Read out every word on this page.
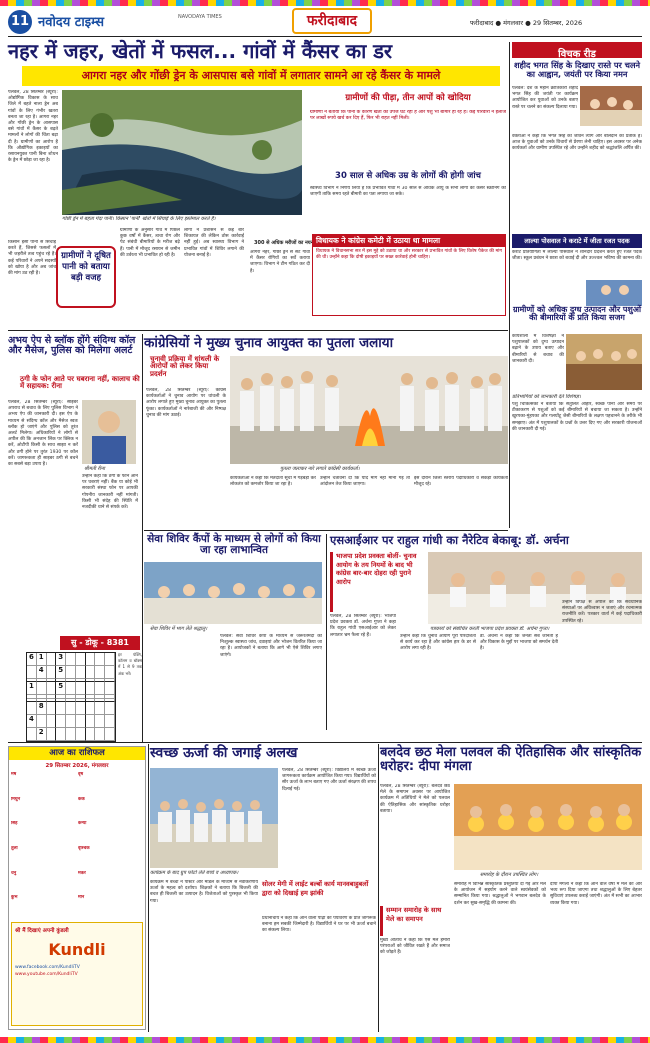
11 नवोदय टाइम्स	NAVODAYA TIMES	फरीदाबाद	फरीदाबाद ● मंगलवार ● 29 सितम्बर, 2026
नहर में जहर, खेतों में फसल... गांवों में कैंसर का डर
आगरा नहर और गोंछी ड्रेन के आसपास बसे गांवों में लगातार सामने आ रहे कैंसर के मामले
पलवल, 28 सितम्बर (ब्यूरो): ओद्योगिक विकास के साथ जिले में बहते नाला ड्रेन अब गांवों के लिए गंभीर खतरा बनता जा रहा है। आगरा नहर और गोंछी ड्रेन के आसपास बसे गांवों में कैंसर के बढ़ते मामलों ने लोगों की चिंता बढ़ा दी है। ग्रामीणों का आरोप है कि औद्योगिक इकाइयों का रसायनयुक्त पानी बिना शोधन के ड्रेन में छोड़ा जा रहा है।
किसान इसी पानी से सिंचाई करते हैं, जिससे फसलों में भी जहरीले तत्व पहुंच रहे हैं। कई परिवारों ने अपने सदस्यों को खोया है और अब जांच की मांग उठ रही है।
गोंछी ड्रेन में बहता गंदा पानी। किसान 'पानी' खेतों में सिंचाई के लिए इस्तेमाल करते हैं।
ग्रामीणों ने दूषित पानी को बताया बड़ी वजह
ग्रामीणों के अनुसार गांव में पिछले कुछ वर्षों में कैंसर, त्वचा रोग और पेट संबंधी बीमारियों के मरीज बढ़े हैं। पानी में मौजूद रसायन से जमीन की उर्वरता भी प्रभावित हो रही है।
लोगों ने प्रशासन से कई बार शिकायत की लेकिन ठोस कार्रवाई नहीं हुई। अब स्वास्थ्य विभाग ने प्रभावित गांवों में शिविर लगाने की योजना बनाई है।
300 से अधिक मरीजों का नयन
आगरा नहर, गोंछी ड्रेन से सटे गांवों में कैंसर रोगियों का सर्वे कराया जाएगा। विभाग ने टीम गठित कर दी है।
ग्रामीणों की पीड़ा, तीन आपों को खोदिया
ग्रामीणों ने बताया कि पानी के कारण खेतों की उपज घट रही है और पशु भी बीमार हो रहे हैं। कई परिवारों ने इलाज पर लाखों रुपये खर्च कर दिए हैं, फिर भी राहत नहीं मिली।
30 साल से अधिक उम्र के लोगों की होगी जांच
स्वास्थ्य विभाग ने निर्णय लिया है कि प्रभावित गांवों में 30 साल से अधिक आयु के सभी लोगों की कैंसर स्क्रीनिंग की जाएगी ताकि समय रहते बीमारी का पता लगाया जा सके।
विधायक ने कांग्रेस कमेटी में उठाया था मामला
विधायक ने विधानसभा सत्र में इस मुद्दे को उठाया था और सरकार से प्रभावित गांवों के लिए विशेष पैकेज की मांग की थी। उन्होंने कहा कि दोषी इकाइयों पर सख्त कार्रवाई होनी चाहिए।
विचक रीड
शहीद भगत सिंह के दिखाए रास्ते पर चलने का आह्वान, जयंती पर किया नमन
पलवल: देश के महान क्रांतिकारी शहीद भगत सिंह की जयंती पर कार्यक्रम आयोजित कर युवाओं को उनके बताए रास्ते पर चलने का संकल्प दिलाया गया।
वक्ताओं ने कहा कि भगत सिंह का जीवन त्याग और बलिदान का प्रतीक है। आज के युवाओं को उनके विचारों से प्रेरणा लेनी चाहिए। इस अवसर पर अनेक कार्यकर्ता और ग्रामीण उपस्थित रहे और उन्होंने शहीद को श्रद्धांजलि अर्पित की।
लाल्या पोसवाल ने कराटे में जीता रजत पदक
कराटे प्रतियोगिता में लाल्या पोसवाल ने शानदार प्रदर्शन करते हुए रजत पदक जीता। स्कूल प्रबंधन ने छात्रा को बधाई दी और उज्ज्वल भविष्य की कामना की।
ग्रामीणों को अधिक दुग्ध उत्पादन और पशुओं की बीमारियों के प्रति किया सजग
कार्यशाला में विशेषज्ञों ने पशुपालकों को दुग्ध उत्पादन बढ़ाने के उपाय बताए और बीमारियों से बचाव की जानकारी दी।
प्रतिभागियों को जानकारी देते विशेषज्ञ।
पशु चिकित्सकों ने बताया कि संतुलित आहार, स्वच्छ पानी और समय पर टीकाकरण से पशुओं को कई बीमारियों से बचाया जा सकता है। उन्होंने खुरपका-मुंहपका और गलघोंटू जैसी बीमारियों के लक्षण पहचानने के तरीके भी समझाए। अंत में पशुपालकों के प्रश्नों के उत्तर दिए गए और सरकारी योजनाओं की जानकारी दी गई।
अभय ऐप से ब्लॉक होंगे संदिग्ध कॉल और मैसेज, पुलिस को मिलेगा अलर्ट
ठगी के फोन आते पर घबराना नहीं, कालाच की में सहायक: रीना
पलवल, 28 सितम्बर (ब्यूरो): साइबर अपराध से बचाव के लिए पुलिस विभाग ने अभय ऐप की जानकारी दी। इस ऐप के माध्यम से संदिग्ध कॉल और मैसेज स्वतः ब्लॉक हो जाएंगे और पुलिस को तुरंत अलर्ट मिलेगा। अधिकारियों ने लोगों से अपील की कि अनजान लिंक पर क्लिक न करें, ओटीपी किसी के साथ साझा न करें और ठगी होने पर तुरंत 1930 पर कॉल करें। जागरूकता ही साइबर ठगी से बचने का सबसे बड़ा उपाय है।
श्रीमती रीना
उन्होंने कहा कि ठगी के फोन आने पर घबराएं नहीं। बैंक या कोई भी सरकारी संस्था फोन पर आपकी गोपनीय जानकारी नहीं मांगती। किसी भी संदेह की स्थिति में नजदीकी थाने से संपर्क करें।
कांग्रेसियों ने मुख्य चुनाव आयुक्त का पुतला जलाया
चुनावी प्रक्रिया में धांधली के आरोपों को लेकर किया प्रदर्शन
पलवल, 28 सितम्बर (ब्यूरो): कांग्रेस कार्यकर्ताओं ने चुनाव आयोग पर धांधली के आरोप लगाते हुए मुख्य चुनाव आयुक्त का पुतला फूंका। कार्यकर्ताओं ने नारेबाजी की और निष्पक्ष चुनाव की मांग उठाई।
पुतला जलाकर नारे लगाते कांग्रेसी कार्यकर्ता।
कार्यकर्ताओं ने कहा कि मतदाता सूची में गड़बड़ी कर लोकतंत्र को कमजोर किया जा रहा है।
उन्होंने चेतावनी दी कि यदि मांगें नहीं मानी गईं तो आंदोलन तेज किया जाएगा।
इस दौरान जिला स्तरीय पदाधिकारी व सैकड़ों कार्यकर्ता मौजूद रहे।
सेवा शिविर कैंपों के माध्यम से लोगों को किया जा रहा लाभान्वित
सेवा शिविर में भाग लेते श्रद्धालु।
पलवल: सेवा शिविर कैंपों के माध्यम से जरूरतमंदों को निःशुल्क स्वास्थ्य जांच, दवाइयां और भोजन वितरित किया जा रहा है। आयोजकों ने बताया कि आगे भी ऐसे शिविर लगाए जाएंगे।
एसआईआर पर राहुल गांधी का नैरेटिव बेकाबू: डॉ. अर्चना
भाजपा प्रदेश प्रवक्ता बोलीं- चुनाव आयोग के तय नियमों के बाद भी कांग्रेस बार-बार दोहरा रही पुराने आरोप
पत्रकारों को संबोधित करतीं भाजपा प्रदेश प्रवक्ता डॉ. अर्चना गुप्ता।
पलवल, 28 सितम्बर (ब्यूरो): भाजपा प्रदेश प्रवक्ता डॉ. अर्चना गुप्ता ने कहा कि राहुल गांधी एसआईआर को लेकर लगातार भ्रम फैला रहे हैं।	उन्होंने कहा कि चुनाव आयोग पूरी पारदर्शिता से कार्य कर रहा है और कांग्रेस हार के डर से आरोप लगा रही है।
डॉ. अर्चना ने कहा कि जनता सब जानती है और विकास के मुद्दों पर भाजपा को समर्थन देती है।
उन्होंने विपक्ष से अपील की कि संवैधानिक संस्थाओं पर अविश्वास न जताएं और रचनात्मक राजनीति करें। पत्रकार वार्ता में कई पदाधिकारी उपस्थित रहे।
सु - डोकू - 8381
6 1	3
4	5
1	5
8
4
2
हर पंक्ति, कॉलम व बॉक्स में 1 से 9 तक अंक भरें।
आज का राशिफल
29 सितम्बर 2026, मंगलवार
मेष	वृष
मिथुन	कर्क
सिंह	कन्या
तुला	वृश्चिक
धनु	मकर
कुंभ	मीन
श्री मैं दिखाएं अपनी कुंडली
Kundli
www.facebook.com/KundliTV
www.youtube.com/KundliTV
स्वच्छ ऊर्जा की जगाई अलख
कार्यक्रम के बाद ग्रुप फोटो लेते बच्चे व अध्यापक।
पलवल, 28 सितम्बर (ब्यूरो): विद्यालय में स्वच्छ ऊर्जा जागरूकता कार्यक्रम आयोजित किया गया। विद्यार्थियों को सौर ऊर्जा के लाभ बताए गए और ऊर्जा संरक्षण की शपथ दिलाई गई।
कार्यक्रम में बच्चों ने पोस्टर और मॉडल के माध्यम से नवीकरणीय ऊर्जा के महत्व को दर्शाया। शिक्षकों ने बताया कि बिजली की बचत ही बिजली का उत्पादन है। विजेताओं को पुरस्कृत भी किया गया।
सोलर मेगी में लाईट बल्बों कार्य मानवबाहुबलों द्वारा को दिखाई हम झांकी
प्रधानाचार्य ने कहा कि आने वाली पीढ़ी को पर्यावरण के प्रति जागरूक बनाना हम सबकी जिम्मेदारी है। विद्यार्थियों ने घर पर भी ऊर्जा बचाने का संकल्प लिया।
बलदेव छठ मेला पलवल की ऐतिहासिक और सांस्कृतिक धरोहर: दीपा मंगला
पलवल, 28 सितम्बर (ब्यूरो): बलदेव छठ मेले के समापन अवसर पर आयोजित कार्यक्रम में अतिथियों ने मेले को पलवल की ऐतिहासिक और सांस्कृतिक धरोहर बताया।
समारोह के दौरान उपस्थित लोग।
सम्मान समारोह के साथ मेले का समापन
मुख्य अतिथि ने कहा कि ऐसे मेले हमारी परंपराओं को जीवित रखते हैं और समाज को जोड़ते हैं।
समारोह में विभिन्न सांस्कृतिक प्रस्तुतियां दी गईं और मेले के आयोजन में सहयोग करने वाले स्वयंसेवकों को सम्मानित किया गया। श्रद्धालुओं ने भगवान बलदेव के दर्शन कर सुख-समृद्धि की कामना की।
दीपा मंगला ने कहा कि आने वाले वर्षों में मेले को और भव्य रूप दिया जाएगा तथा श्रद्धालुओं के लिए बेहतर सुविधाएं उपलब्ध कराई जाएंगी। अंत में सभी का आभार व्यक्त किया गया।
